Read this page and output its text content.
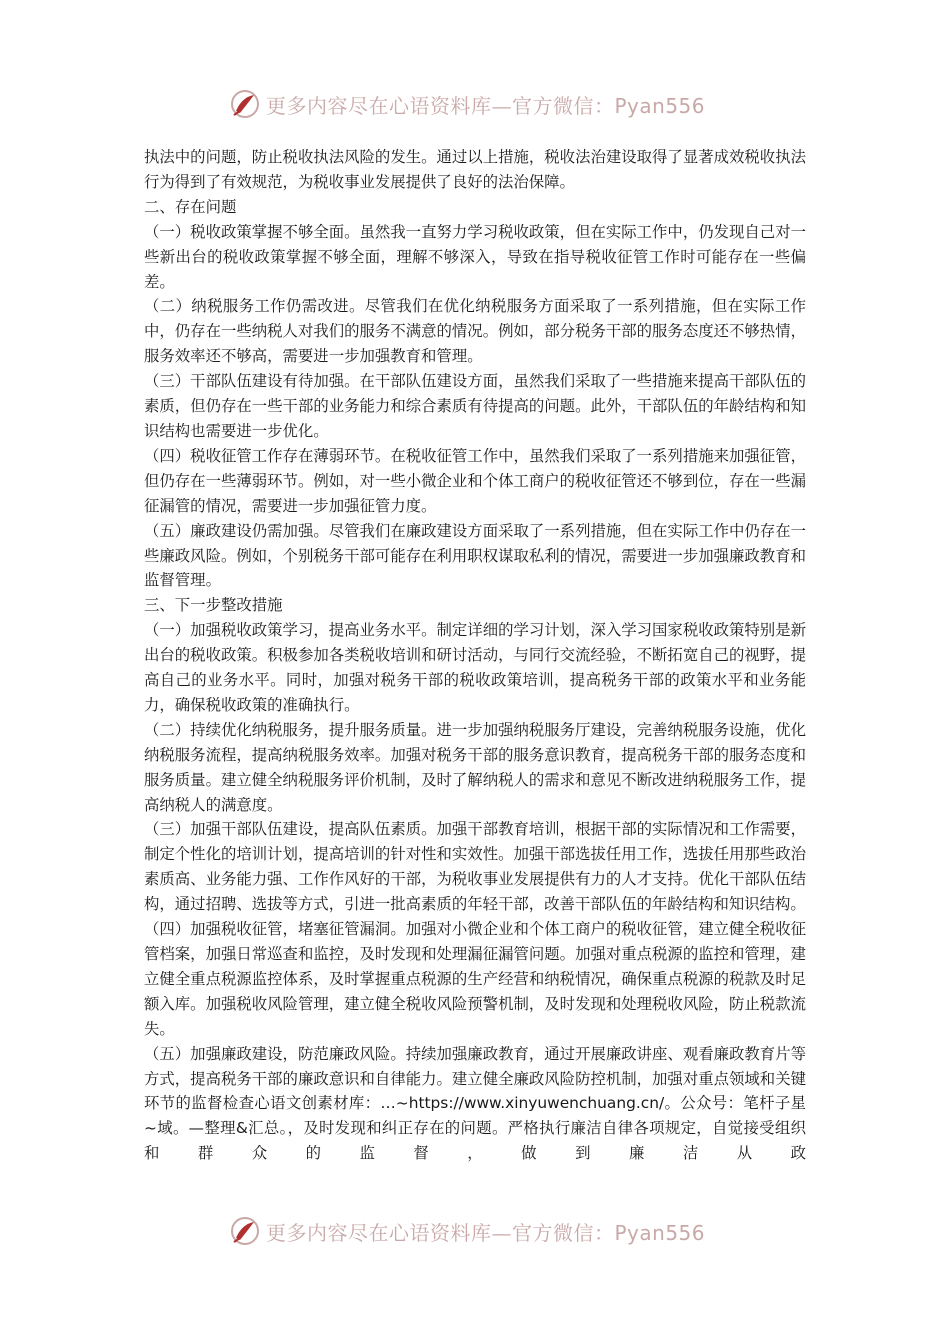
更多内容尽在心语资料库—官方微信：Pyan556

执法中的问题，防止税收执法风险的发生。通过以上措施，税收法治建设取得了显著成效税收执法行为得到了有效规范，为税收事业发展提供了良好的法治保障。

二、存在问题

（一）税收政策掌握不够全面。虽然我一直努力学习税收政策，但在实际工作中，仍发现自己对一些新出台的税收政策掌握不够全面，理解不够深入，导致在指导税收征管工作时可能存在一些偏差。

（二）纳税服务工作仍需改进。尽管我们在优化纳税服务方面采取了一系列措施，但在实际工作中，仍存在一些纳税人对我们的服务不满意的情况。例如，部分税务干部的服务态度还不够热情，服务效率还不够高，需要进一步加强教育和管理。

（三）干部队伍建设有待加强。在干部队伍建设方面，虽然我们采取了一些措施来提高干部队伍的素质，但仍存在一些干部的业务能力和综合素质有待提高的问题。此外，干部队伍的年龄结构和知识结构也需要进一步优化。

（四）税收征管工作存在薄弱环节。在税收征管工作中，虽然我们采取了一系列措施来加强征管，但仍存在一些薄弱环节。例如，对一些小微企业和个体工商户的税收征管还不够到位，存在一些漏征漏管的情况，需要进一步加强征管力度。

（五）廉政建设仍需加强。尽管我们在廉政建设方面采取了一系列措施，但在实际工作中仍存在一些廉政风险。例如，个别税务干部可能存在利用职权谋取私利的情况，需要进一步加强廉政教育和监督管理。

三、下一步整改措施

（一）加强税收政策学习，提高业务水平。制定详细的学习计划，深入学习国家税收政策特别是新出台的税收政策。积极参加各类税收培训和研讨活动，与同行交流经验，不断拓宽自己的视野，提高自己的业务水平。同时，加强对税务干部的税收政策培训，提高税务干部的政策水平和业务能力，确保税收政策的准确执行。

（二）持续优化纳税服务，提升服务质量。进一步加强纳税服务厅建设，完善纳税服务设施，优化纳税服务流程，提高纳税服务效率。加强对税务干部的服务意识教育，提高税务干部的服务态度和服务质量。建立健全纳税服务评价机制，及时了解纳税人的需求和意见不断改进纳税服务工作，提高纳税人的满意度。

（三）加强干部队伍建设，提高队伍素质。加强干部教育培训，根据干部的实际情况和工作需要，制定个性化的培训计划，提高培训的针对性和实效性。加强干部选拔任用工作，选拔任用那些政治素质高、业务能力强、工作作风好的干部，为税收事业发展提供有力的人才支持。优化干部队伍结构，通过招聘、选拔等方式，引进一批高素质的年轻干部，改善干部队伍的年龄结构和知识结构。

（四）加强税收征管，堵塞征管漏洞。加强对小微企业和个体工商户的税收征管，建立健全税收征管档案，加强日常巡查和监控，及时发现和处理漏征漏管问题。加强对重点税源的监控和管理，建立健全重点税源监控体系，及时掌握重点税源的生产经营和纳税情况，确保重点税源的税款及时足额入库。加强税收风险管理，建立健全税收风险预警机制，及时发现和处理税收风险，防止税款流失。

（五）加强廉政建设，防范廉政风险。持续加强廉政教育，通过开展廉政讲座、观看廉政教育片等方式，提高税务干部的廉政意识和自律能力。建立健全廉政风险防控机制，加强对重点领域和关键环节的监督检查心语文创素材库：…~https://www.xinyuwenchuang.cn/。公众号：笔杆子星~域。—整理&汇总。，及时发现和纠正存在的问题。严格执行廉洁自律各项规定，自觉接受组织和群众的监督，做到廉洁从政

更多内容尽在心语资料库—官方微信：Pyan556
